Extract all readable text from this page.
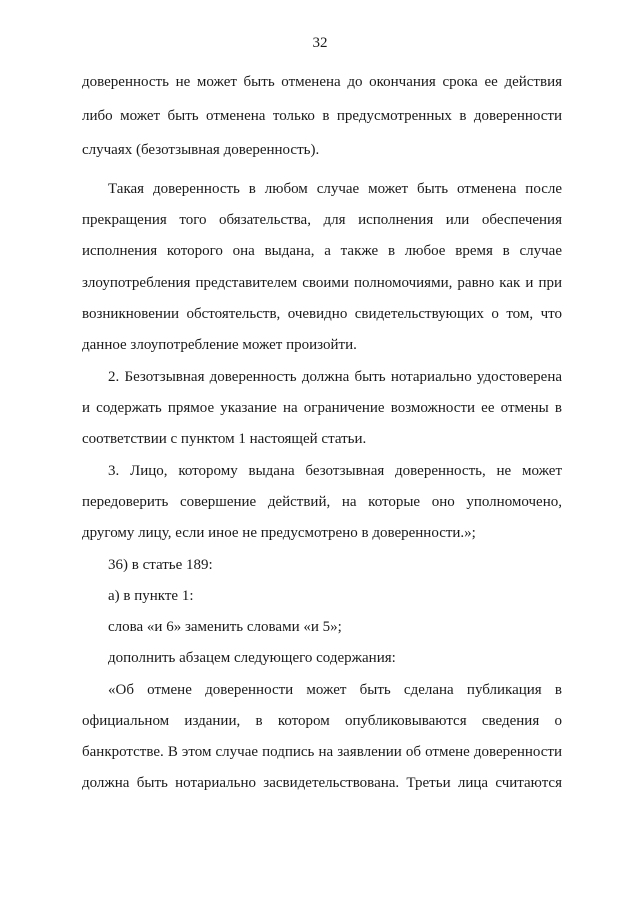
32
доверенность не может быть отменена до окончания срока ее действия
либо может быть отменена только в предусмотренных в доверенности
случаях (безотзывная доверенность).
Такая доверенность в любом случае может быть отменена после
прекращения того обязательства, для исполнения или обеспечения
исполнения которого она выдана, а также в любое время в случае
злоупотребления представителем своими полномочиями, равно как и при
возникновении обстоятельств, очевидно свидетельствующих о том, что
данное злоупотребление может произойти.
2. Безотзывная доверенность должна быть нотариально удостоверена
и содержать прямое указание на ограничение возможности ее отмены в
соответствии с пунктом 1 настоящей статьи.
3. Лицо, которому выдана безотзывная доверенность, не может
передоверить совершение действий, на которые оно уполномочено,
другому лицу, если иное не предусмотрено в доверенности.»;
36) в статье 189:
а) в пункте 1:
слова «и 6» заменить словами «и 5»;
дополнить абзацем следующего содержания:
«Об отмене доверенности может быть сделана публикация в
официальном издании, в котором опубликовываются сведения о
банкротстве. В этом случае подпись на заявлении об отмене доверенности
должна быть нотариально засвидетельствована. Третьи лица считаются
